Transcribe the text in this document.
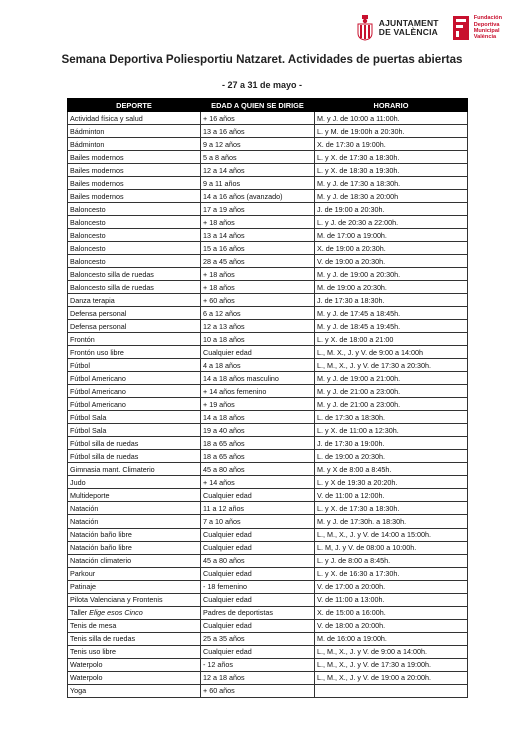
AJUNTAMENT
DE VALÈNCIA
Fundación
Deportiva
Municipal
València
Semana Deportiva Poliesportiu Natzaret. Actividades de puertas abiertas
- 27 a 31 de mayo -
DEPORTE	EDAD A QUIEN SE DIRIGE	HORARIO
Actividad física y salud	+ 16 años	M. y J. de 10:00 a 11:00h.
Bádminton	13 a 16 años	L. y M. de 19:00h a 20:30h.
Bádminton	9 a 12 años	X. de 17:30 a 19:00h.
Bailes modernos	5 a 8 años	L. y X. de 17:30 a 18:30h.
Bailes modernos	12 a 14 años	L. y X. de 18:30 a 19:30h.
Bailes modernos	9 a 11 años	M. y J. de 17:30 a 18:30h.
Bailes modernos	14 a 16 años (avanzado)	M. y J. de 18:30 a 20:00h
Baloncesto	17 a 19 años	J. de 19:00 a 20:30h.
Baloncesto	+ 18 años	L. y J. de 20:30 a 22:00h.
Baloncesto	13 a 14 años	M. de 17:00 a 19:00h.
Baloncesto	15 a 16 años	X. de 19:00 a 20:30h.
Baloncesto	28 a 45 años	V. de 19:00 a 20:30h.
Baloncesto silla de ruedas	+ 18 años	M. y J. de 19:00 a 20:30h.
Baloncesto silla de ruedas	+ 18 años	M. de 19:00 a 20:30h.
Danza terapia	+ 60 años	J. de 17:30 a 18:30h.
Defensa personal	6 a 12 años	M. y J. de 17:45 a 18:45h.
Defensa personal	12 a 13 años	M. y J. de 18:45 a 19:45h.
Frontón	10 a 18 años	L. y X. de 18:00 a 21:00
Frontón uso libre	Cualquier edad	L., M. X., J. y V. de 9:00 a 14:00h
Fútbol	4 a 18 años	L., M., X., J. y V. de 17:30 a 20:30h.
Fútbol Americano	14 a 18 años masculino	M. y J. de 19:00 a 21:00h.
Fútbol Americano	+ 14 años femenino	M. y J. de 21:00 a 23:00h.
Fútbol Americano	+ 19 años	M. y J. de 21:00 a 23:00h.
Fútbol Sala	14 a 18 años	L. de 17:30 a 18:30h.
Fútbol Sala	19 a 40 años	L. y X. de 11:00 a 12:30h.
Fútbol silla de ruedas	18 a 65 años	J. de 17:30 a 19:00h.
Fútbol silla de ruedas	18 a 65 años	L. de 19:00 a 20:30h.
Gimnasia mant. Climaterio	45 a 80 años	M. y X de 8:00 a 8:45h.
Judo	+ 14 años	L. y X de 19:30 a 20:20h.
Multideporte	Cualquier edad	V. de 11:00 a 12:00h.
Natación	11 a 12 años	L. y X. de 17:30 a 18:30h.
Natación	7 a 10 años	M. y J. de 17:30h. a 18:30h.
Natación baño libre	Cualquier edad	L., M., X., J. y V. de 14:00 a 15:00h.
Natación baño libre	Cualquier edad	L. M, J. y V. de 08:00 a 10:00h.
Natación climaterio	45 a 80 años	L. y J. de 8:00 a 8:45h.
Parkour	Cualquier edad	L. y X. de 16:30 a 17:30h.
Patinaje	- 18 femenino	V. de 17:00 a 20:00h.
Pilota Valenciana y Frontenis	Cualquier edad	V. de 11:00 a 13:00h.
Taller Elige esos Cinco	Padres de deportistas	X. de 15:00 a 16:00h.
Tenis de mesa	Cualquier edad	V. de 18:00 a 20:00h.
Tenis silla de ruedas	25 a 35 años	M. de 16:00 a 19:00h.
Tenis uso libre	Cualquier edad	L., M., X., J. y V. de 9:00 a 14:00h.
Waterpolo	- 12 años	L., M., X., J. y V. de 17:30 a 19:00h.
Waterpolo	12 a 18 años	L., M., X., J. y V. de 19:00 a 20:00h.
Yoga	+ 60 años	
